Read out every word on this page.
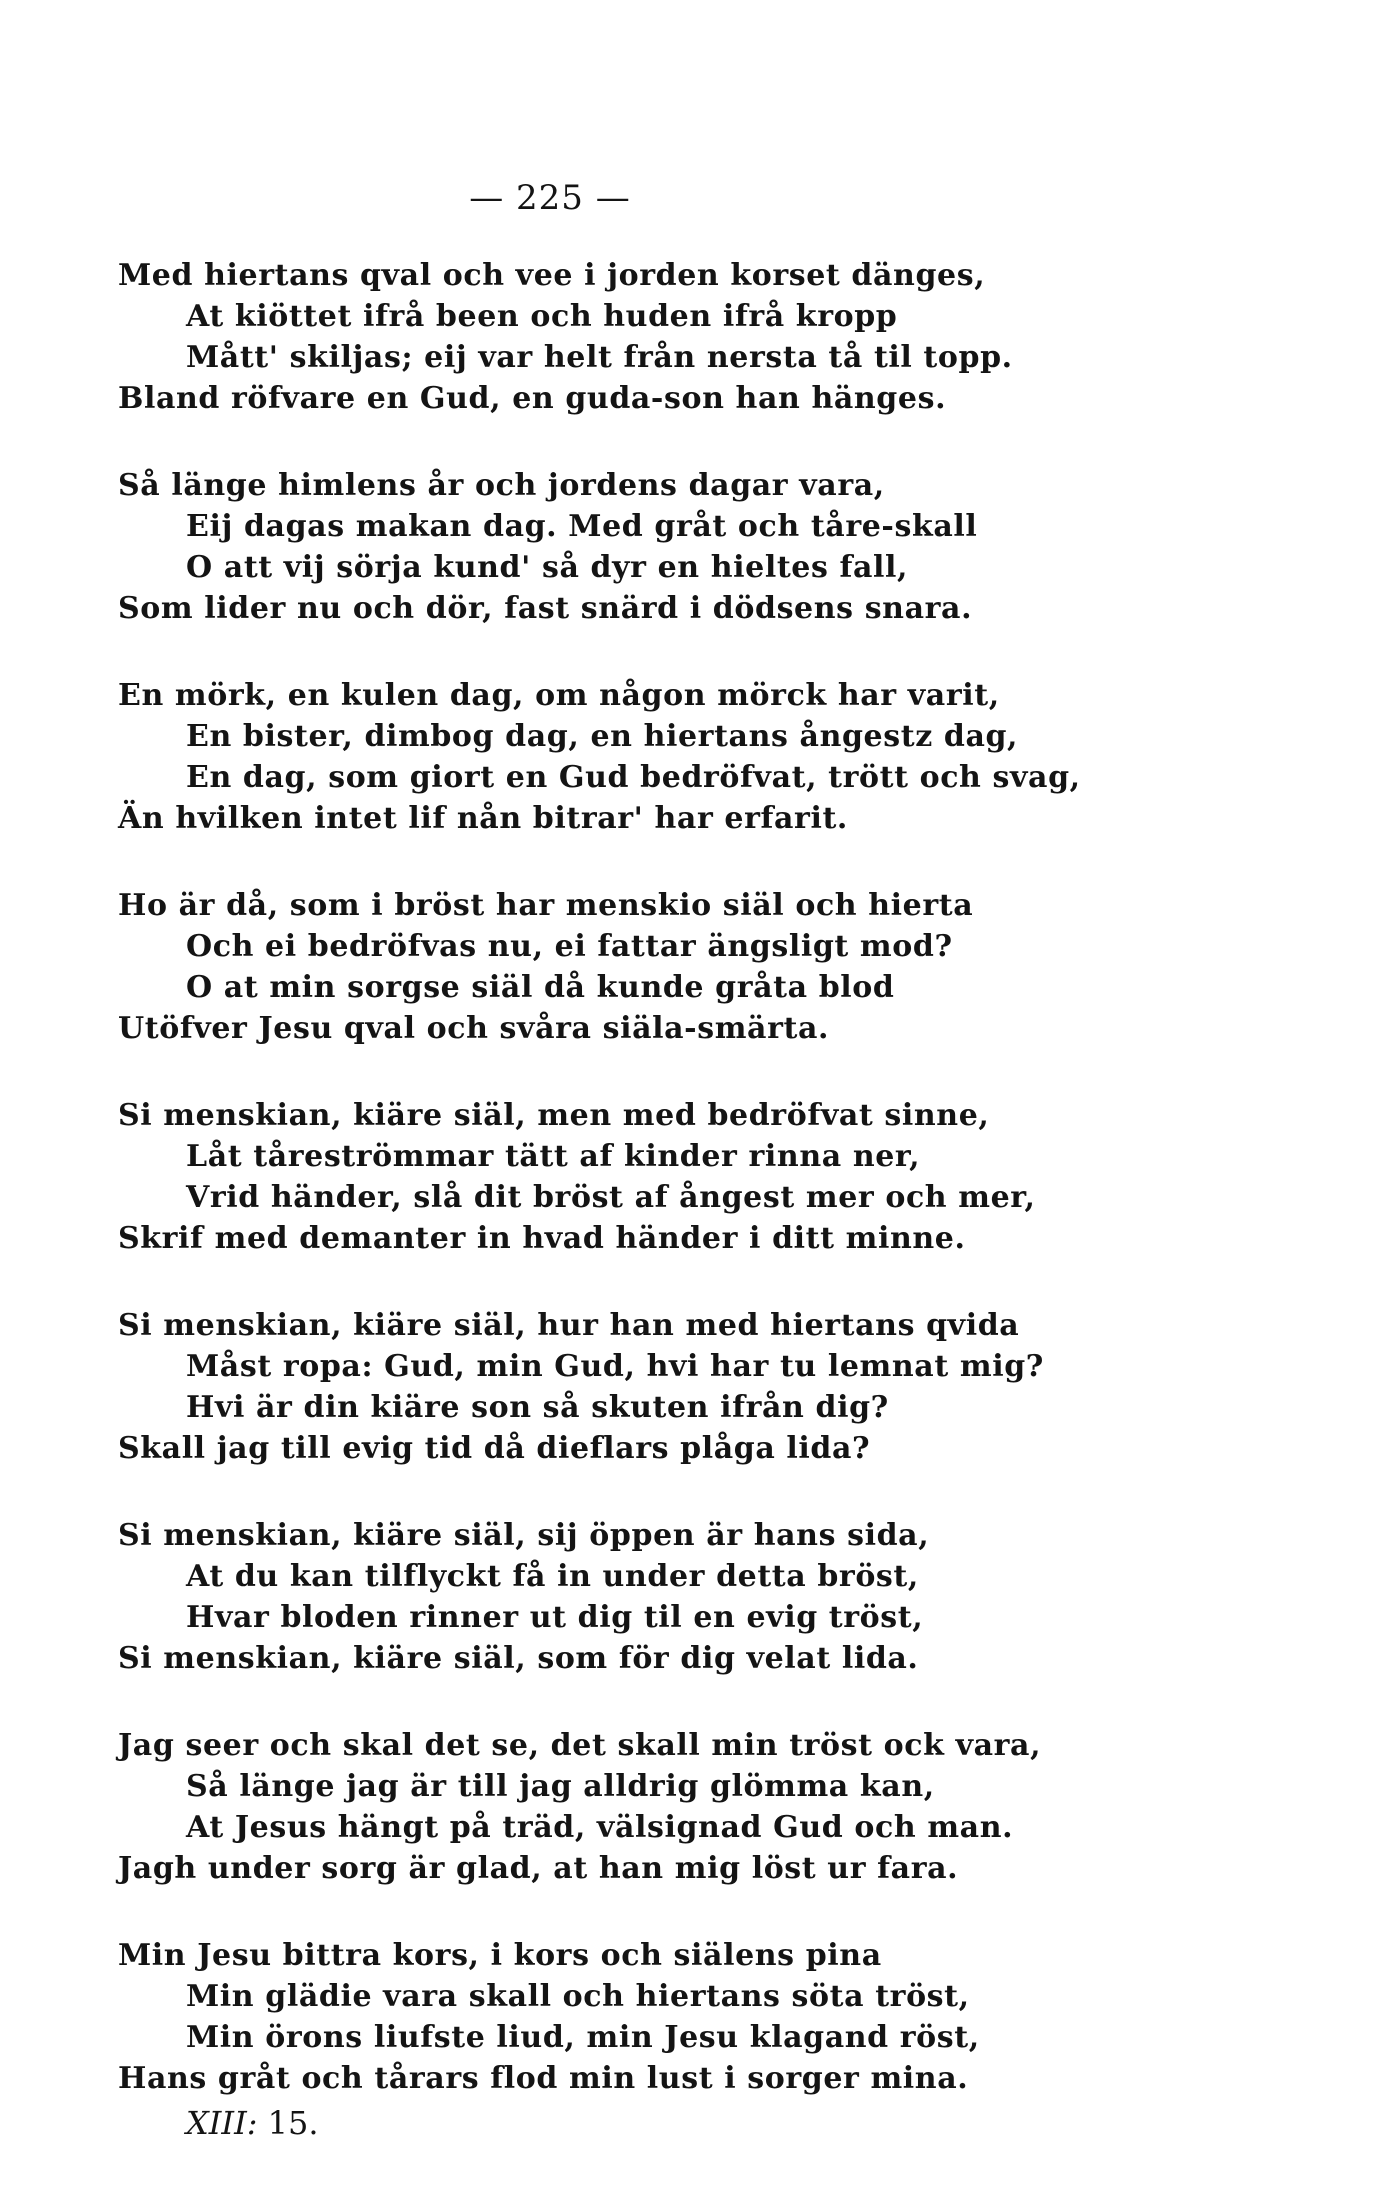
— 225 —
Med hiertans qval och vee i jorden korset dänges,
At kiöttet ifrå been och huden ifrå kropp
Mått' skiljas; eij var helt från nersta tå til topp.
Bland röfvare en Gud, en guda-son han hänges.
Så länge himlens år och jordens dagar vara,
Eij dagas makan dag. Med gråt och tåre-skall
O att vij sörja kund' så dyr en hieltes fall,
Som lider nu och dör, fast snärd i dödsens snara.
En mörk, en kulen dag, om någon mörck har varit,
En bister, dimbog dag, en hiertans ångestz dag,
En dag, som giort en Gud bedröfvat, trött och svag,
Än hvilken intet lif nån bitrar' har erfarit.
Ho är då, som i bröst har menskio siäl och hierta
Och ei bedröfvas nu, ei fattar ängsligt mod?
O at min sorgse siäl då kunde gråta blod
Utöfver Jesu qval och svåra siäla-smärta.
Si menskian, kiäre siäl, men med bedröfvat sinne,
Låt tåreströmmar tätt af kinder rinna ner,
Vrid händer, slå dit bröst af ångest mer och mer,
Skrif med demanter in hvad händer i ditt minne.
Si menskian, kiäre siäl, hur han med hiertans qvida
Måst ropa: Gud, min Gud, hvi har tu lemnat mig?
Hvi är din kiäre son så skuten ifrån dig?
Skall jag till evig tid då dieflars plåga lida?
Si menskian, kiäre siäl, sij öppen är hans sida,
At du kan tilflyckt få in under detta bröst,
Hvar bloden rinner ut dig til en evig tröst,
Si menskian, kiäre siäl, som för dig velat lida.
Jag seer och skal det se, det skall min tröst ock vara,
Så länge jag är till jag alldrig glömma kan,
At Jesus hängt på träd, välsignad Gud och man.
Jagh under sorg är glad, at han mig löst ur fara.
Min Jesu bittra kors, i kors och siälens pina
Min glädie vara skall och hiertans söta tröst,
Min örons liufste liud, min Jesu klagand röst,
Hans gråt och tårars flod min lust i sorger mina.
XIII: 15.
